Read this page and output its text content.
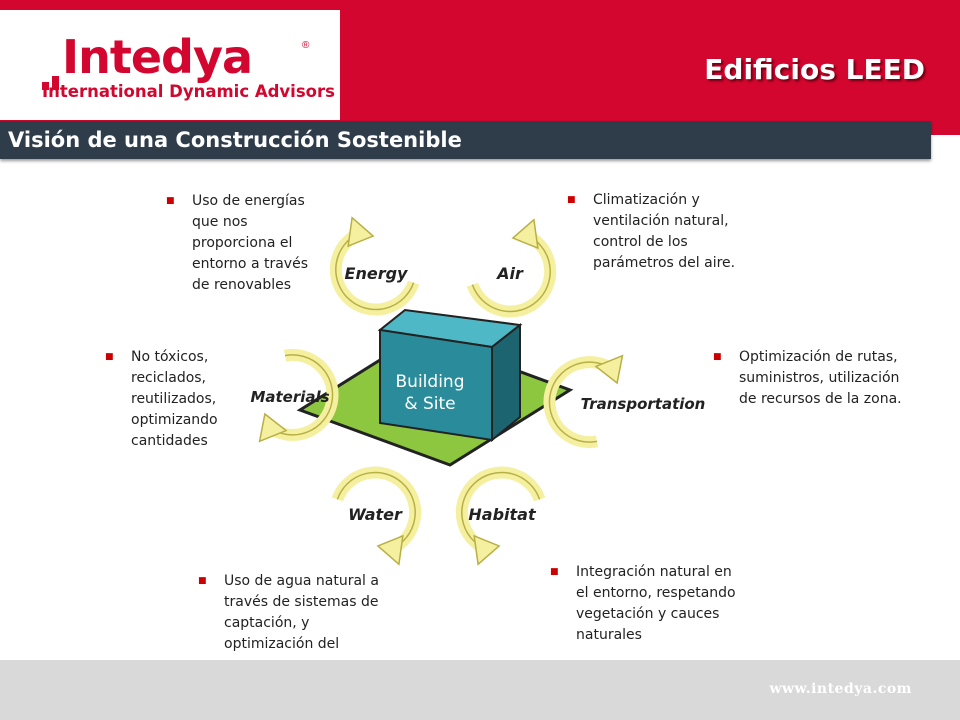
Intedya	®
International Dynamic Advisors
Edificios LEED
Visión de una Construcción Sostenible
Building
& Site
Energy	Air
Materials	Transportation
Water	Habitat
■ Uso de energías que nos proporciona el entorno a través de renovables
■ Climatización y ventilación natural, control de los parámetros del aire.
■ No tóxicos, reciclados, reutilizados, optimizando cantidades
■ Optimización de rutas, suministros, utilización de recursos de la zona.
■ Uso de agua natural a través de sistemas de captación, y optimización del
■ Integración natural en el entorno, respetando vegetación y cauces naturales
www.intedya.com
